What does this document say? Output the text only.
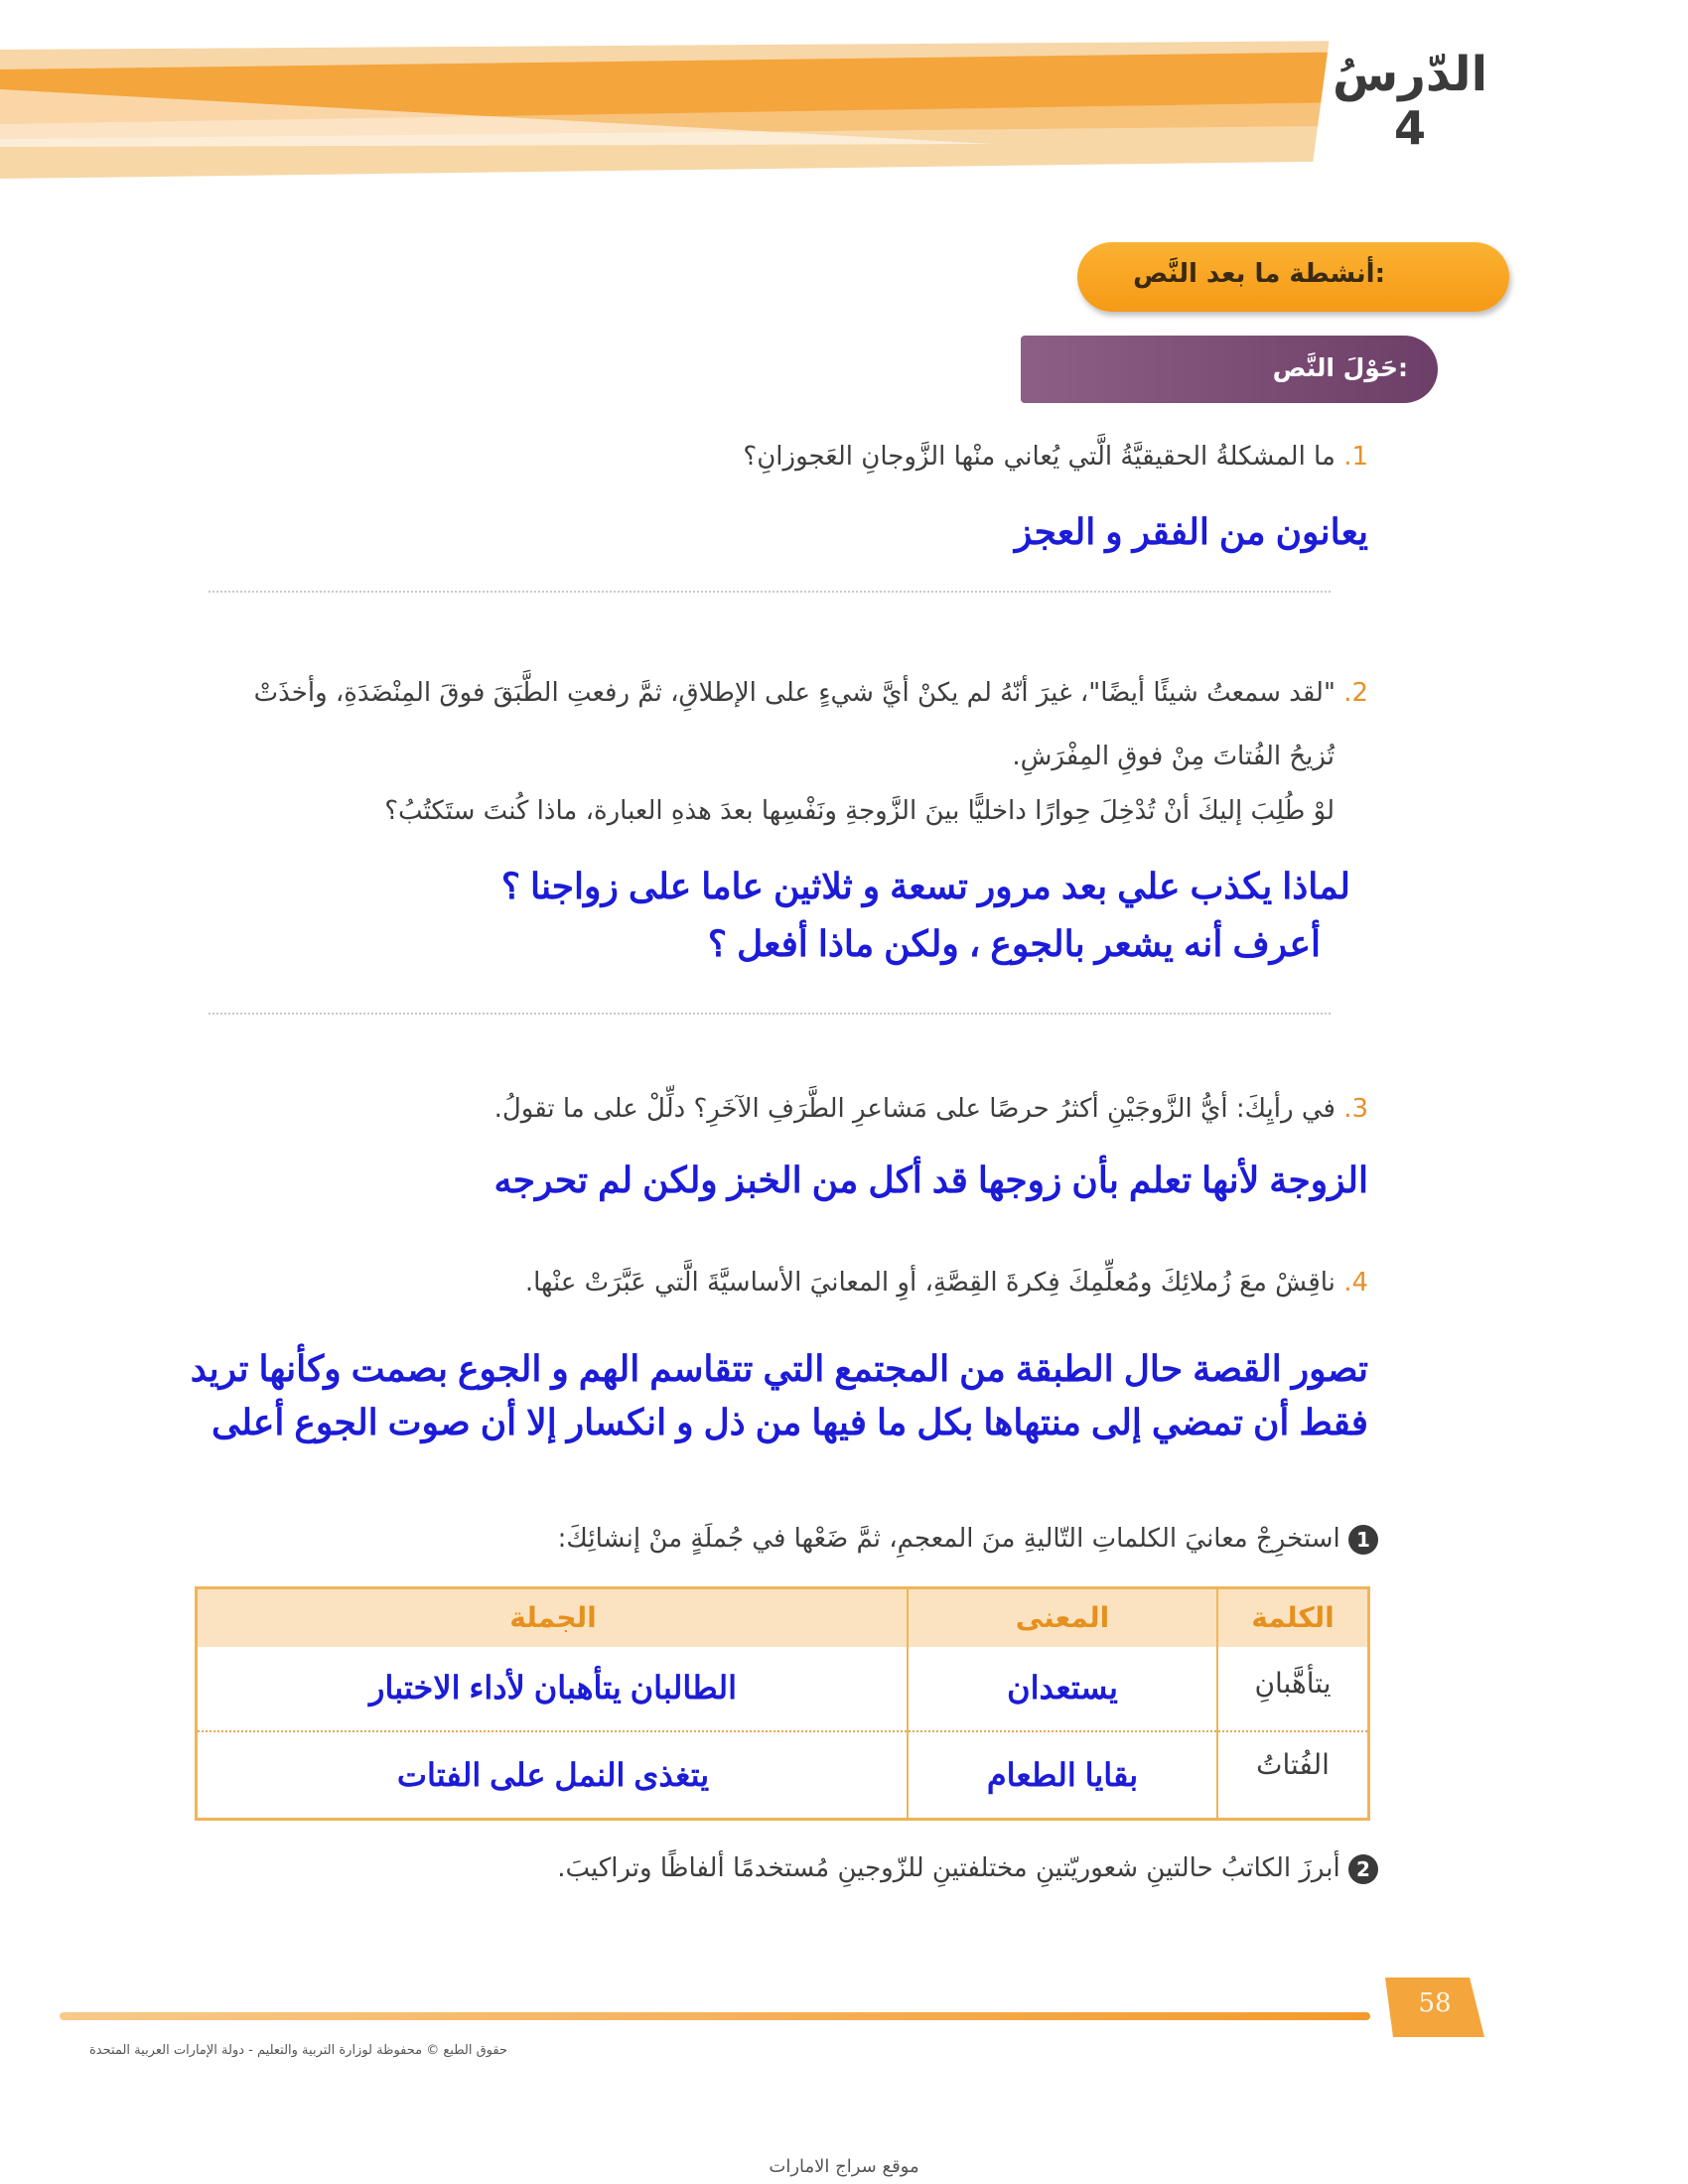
الدّرسُ
4
أنشطة ما بعد النَّص:
حَوْلَ النَّص:
1. ما المشكلةُ الحقيقيَّةُ الَّتي يُعاني منْها الزَّوجانِ العَجوزانِ؟
يعانون من الفقر و العجز
2. "لقد سمعتُ شيئًا أيضًا"، غيرَ أنّهُ لم يكنْ أيَّ شيءٍ على الإطلاقِ، ثمَّ رفعتِ الطَّبَقَ فوقَ المِنْضَدَةِ، وأخذَتْ
تُزيحُ الفُتاتَ مِنْ فوقِ المِفْرَشِ.
لوْ طُلِبَ إليكَ أنْ تُدْخِلَ حِوارًا داخليًّا بينَ الزَّوجةِ ونَفْسِها بعدَ هذهِ العبارة، ماذا كُنتَ ستَكتُبُ؟
لماذا يكذب علي بعد مرور تسعة و ثلاثين عاما على زواجنا ؟
أعرف أنه يشعر بالجوع ، ولكن ماذا أفعل ؟
3. في رأيِكَ: أيُّ الزَّوجَيْنِ أكثرُ حرصًا على مَشاعرِ الطَّرَفِ الآخَرِ؟ دلِّلْ على ما تقولُ.
الزوجة لأنها تعلم بأن زوجها قد أكل من الخبز ولكن لم تحرجه
4. ناقِشْ معَ زُملائِكَ ومُعلِّمِكَ فِكرةَ القِصَّةِ، أوِ المعانيَ الأساسيَّةَ الَّتي عَبَّرَتْ عنْها.
تصور القصة حال الطبقة من المجتمع التي تتقاسم الهم و الجوع بصمت وكأنها تريد
فقط أن تمضي إلى منتهاها بكل ما فيها من ذل و انكسار إلا أن صوت الجوع أعلى
1 استخرِجْ معانيَ الكلماتِ التّاليةِ منَ المعجمِ، ثمَّ ضَعْها في جُملَةٍ منْ إنشائِكَ:
الكلمة
المعنى
الجملة
يتأهَّبانِ
يستعدان
الطالبان يتأهبان لأداء الاختبار
الفُتاتُ
بقايا الطعام
يتغذى النمل على الفتات
2 أبرزَ الكاتبُ حالتينِ شعوريّتينِ مختلفتينِ للزّوجينِ مُستخدمًا ألفاظًا وتراكيبَ.
58
حقوق الطبع © محفوظة لوزارة التربية والتعليم - دولة الإمارات العربية المتحدة
موقع سراج الامارات
